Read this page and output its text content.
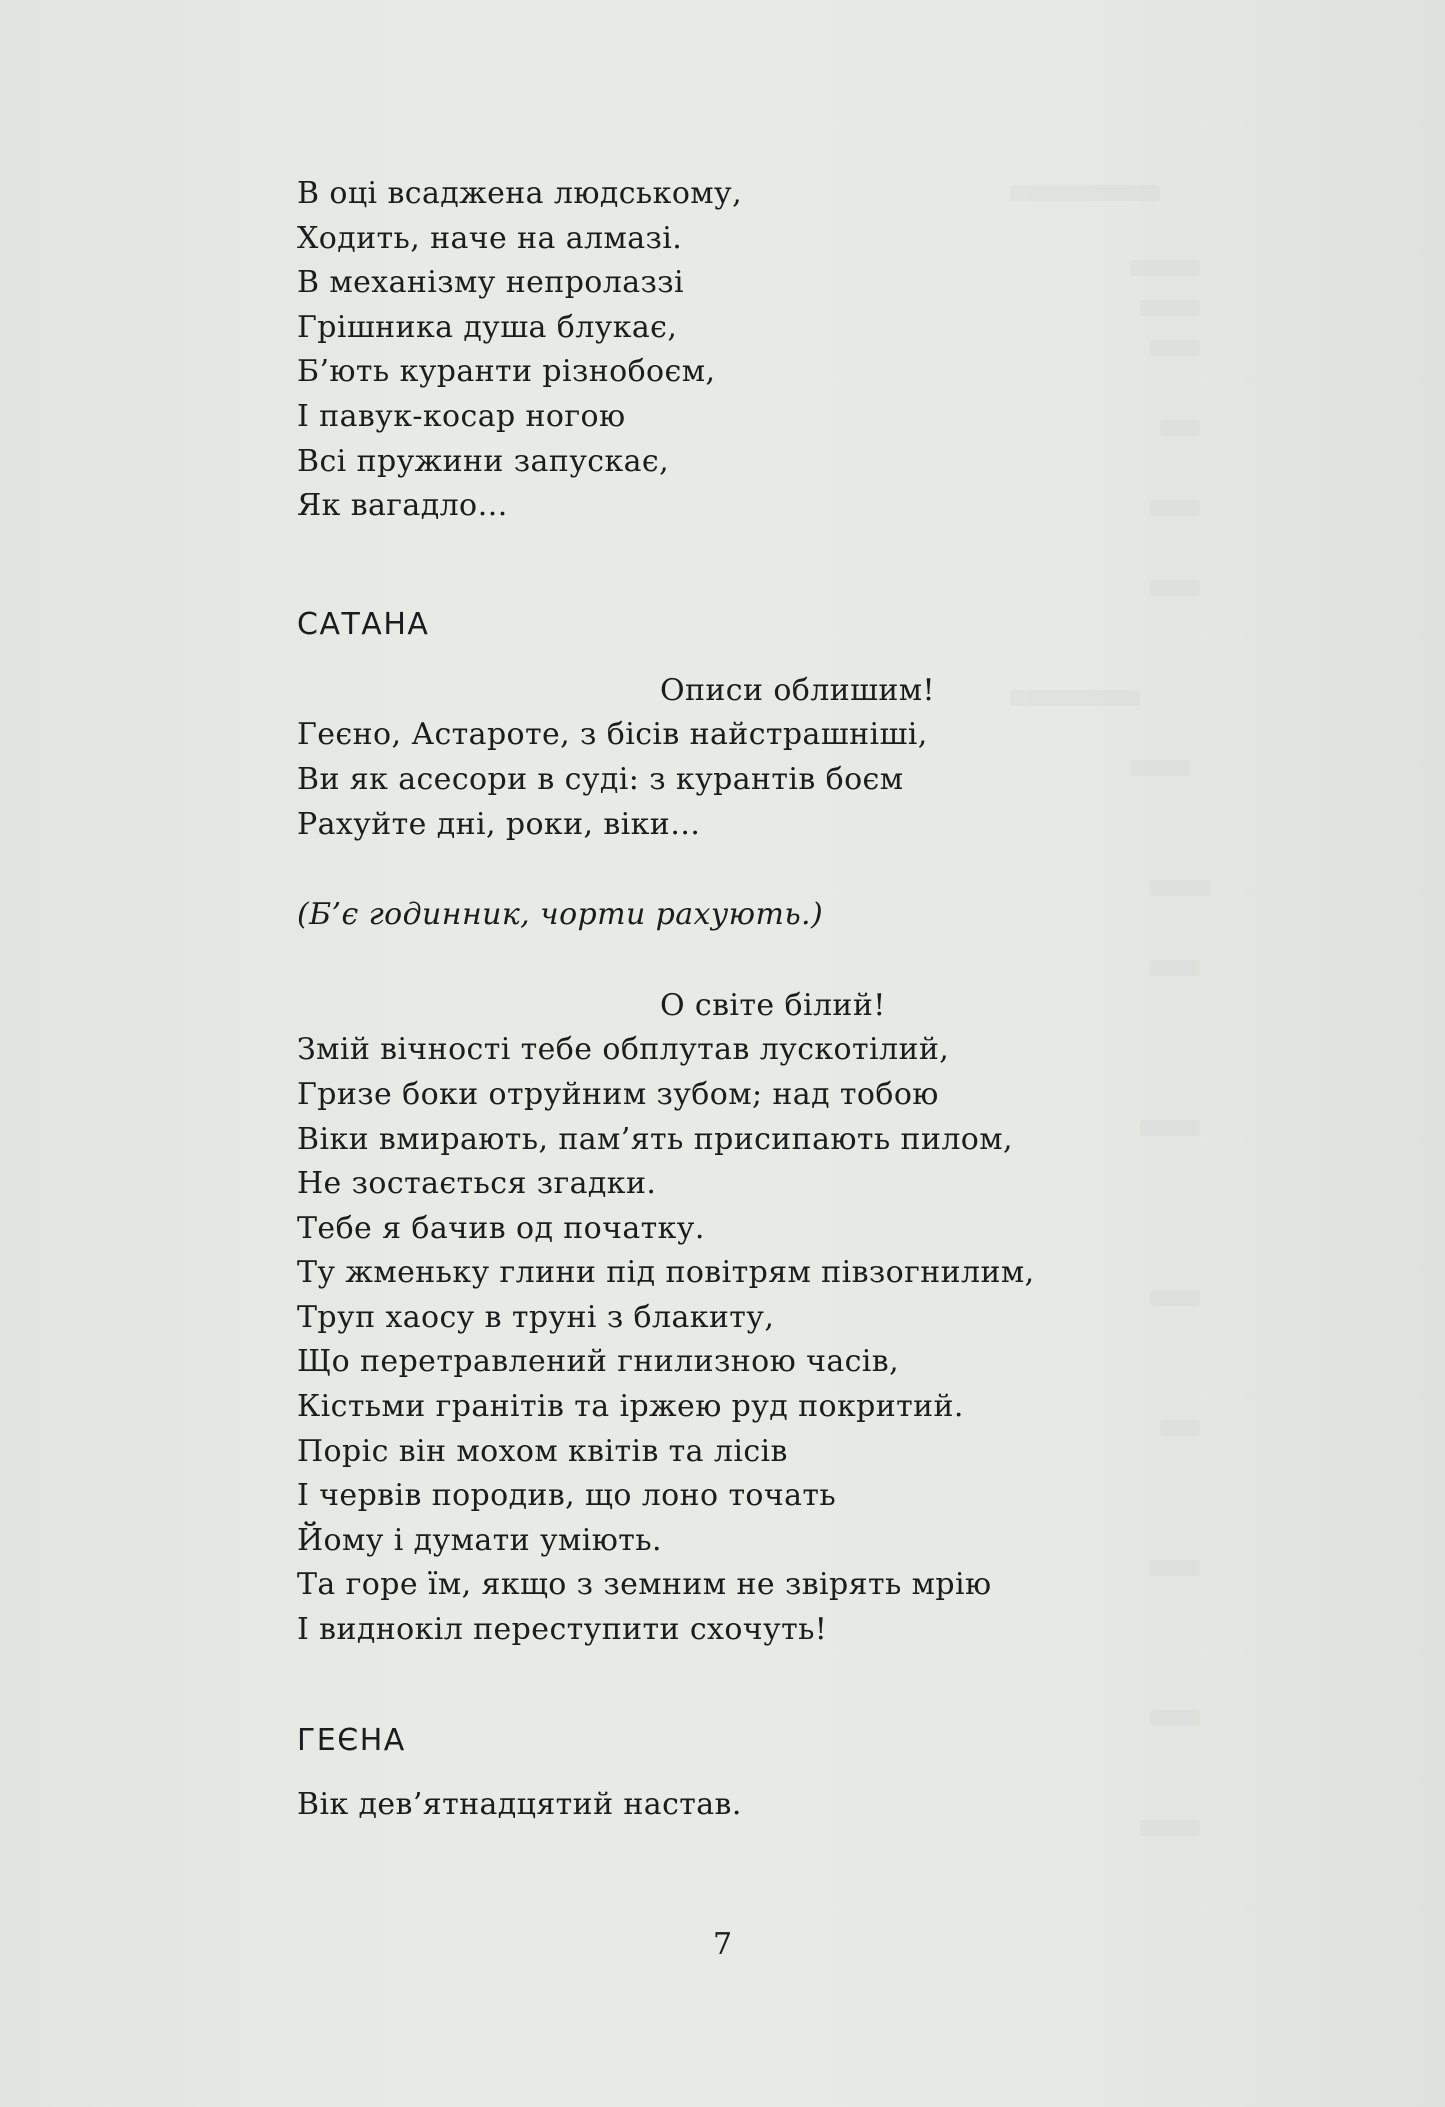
В оці всаджена людському,
Ходить, наче на алмазі.
В механізму непролаззі
Грішника душа блукає,
Б’ють куранти різнобоєм,
І павук-косар ногою
Всі пружини запускає,
Як вагадло…
САТАНА
Описи облишим!
Геєно, Астароте, з бісів найстрашніші,
Ви як асесори в суді: з курантів боєм
Рахуйте дні, роки, віки…
(Б’є годинник, чорти рахують.)
О світе білий!
Змій вічності тебе обплутав лускотілий,
Гризе боки отруйним зубом; над тобою
Віки вмирають, пам’ять присипають пилом,
Не зостається згадки.
Тебе я бачив од початку.
Ту жменьку глини під повітрям півзогнилим,
Труп хаосу в труні з блакиту,
Що перетравлений гнилизною часів,
Кістьми гранітів та іржею руд покритий.
Поріс він мохом квітів та лісів
І червів породив, що лоно точать
Йому і думати уміють.
Та горе їм, якщо з земним не звірять мрію
І виднокіл переступити схочуть!
ГЕЄНА
Вік дев’ятнадцятий настав.
7
